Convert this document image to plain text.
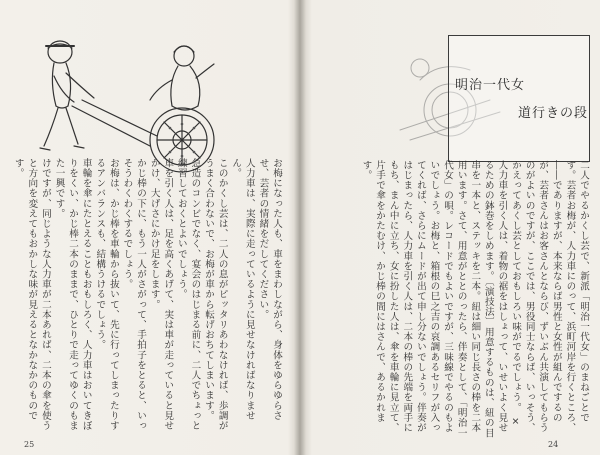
明治一代女
道行きの段
二人でやるかくし芸で、新派「明治一代女」のまねごとです。芸者お梅が、人力車にのって、浜町河岸を行くところ、――でありますが、本来ならば男性と女性が組んでするのが、芸者さんはお客さんとならび、ずいぶん共演してもらうのがよいのですが、ここでは、男役同士ならば、いっそう、かえってあくし芸としておもしろい味がでるでしょう。 × 人力車を引く人は、着物の裾をはしょって、いせいよく見せるための鉢巻をしめます。〔演技法〕用意するものは、紐の目串を一本と、ステッキを二本。紐は細い同じ長さの棒を二本用います。さて、用意がととのったら、伴奏として、「明治一代女」の唄。レコードでもよいですが、三味線でやるのもよいでしょう。お梅と、箱根の巳之吉の哀調あるセリフが入ってくれば、さらにムードが出て申し分ないでしょう。伴奏がはじまったら、人力車を引く人は、二本の棒の先端を両手にもち、まん中に立ち、女に扮した人は、傘を車輪に見立て、片手で傘をかたむけ、かじ棒の間にはさんで、あるかれます。
お梅になった人も、車をまわしながら、身体をゆらゆらさせ、芸者の情緒をだしてください。
人力車は、実際に走っているように見せなければなりません。
このかくし芸は、二人の息がピッタリあわなければ、歩調がうまく合わないで、お梅が車から転げおちてしまいます。
急造のコンビでなく、宴会のはじまる前に、二人でちょっと練習しておくとよいでしょう。
車を引く人は、足を高くあげて、実は車が走っていると見せかけ、大げさにかけ足をします。
かじ棒の下に、もう一人がさがって、手拍子をとると、いっそうわくわくするでしょう。
お梅は、かじ棒を車輪から抜いて、先に行ってしまったりするアンバランスも、結構うけるでしょう。
車輪を傘にたとえることもおもしろく、人力車はおいてきぼりをくい、かじ棒二本のままで、ひとりで走ってゆくのもまた一興です。
けですが、同じような人力車が二本あれば、二本の傘を使うと方向を変えてもおかしな味が見えるとなかなかのものです。
25	24
